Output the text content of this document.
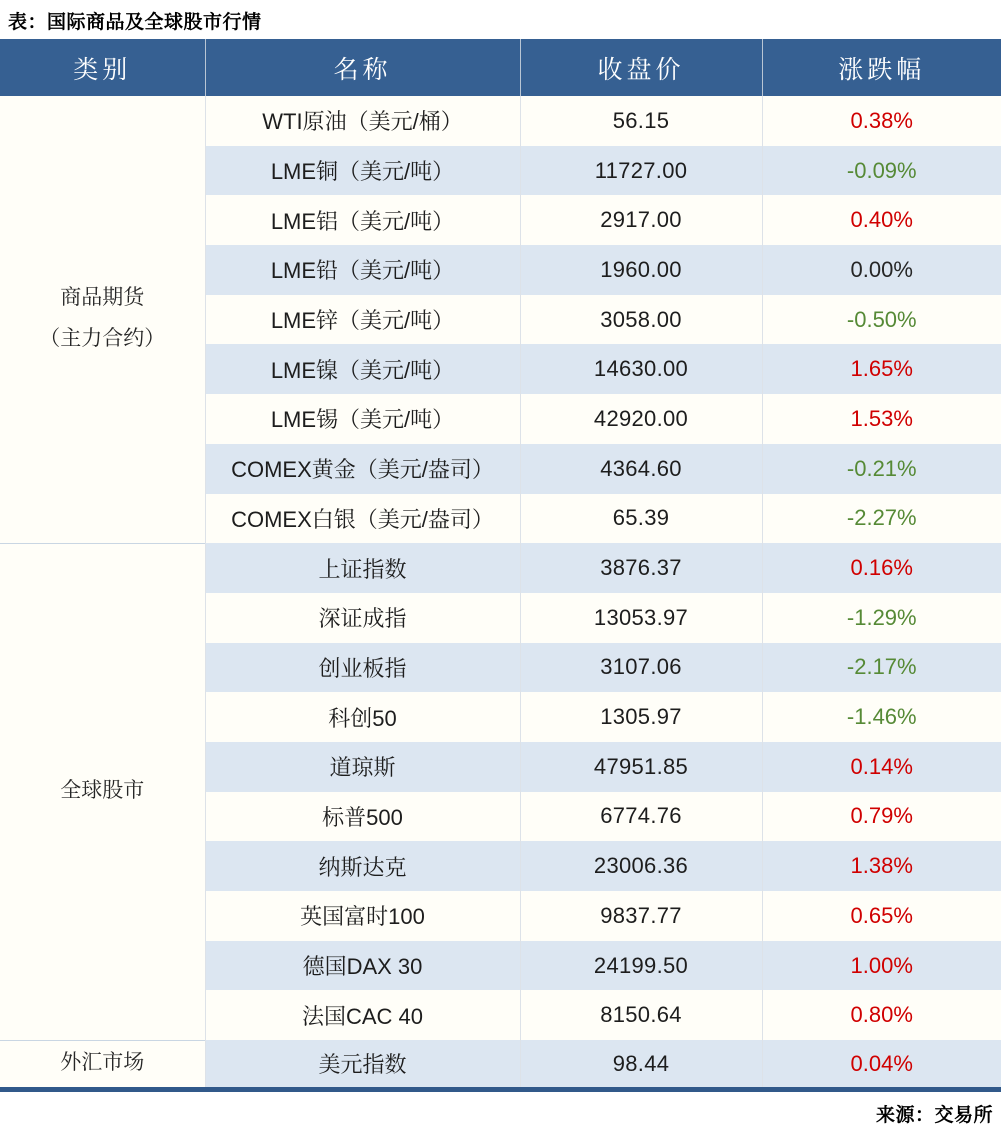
表：国际商品及全球股市行情
类别	名称	收盘价	涨跌幅

商品期货
（主力合约）	WTI原油（美元/桶）	56.15	0.38%
	LME铜（美元/吨）	11727.00	-0.09%
	LME铝（美元/吨）	2917.00	0.40%
	LME铅（美元/吨）	1960.00	0.00%
	LME锌（美元/吨）	3058.00	-0.50%
	LME镍（美元/吨）	14630.00	1.65%
	LME锡（美元/吨）	42920.00	1.53%
	COMEX黄金（美元/盎司）	4364.60	-0.21%
	COMEX白银（美元/盎司）	65.39	-2.27%

全球股市	上证指数	3876.37	0.16%
	深证成指	13053.97	-1.29%
	创业板指	3107.06	-2.17%
	科创50	1305.97	-1.46%
	道琼斯	47951.85	0.14%
	标普500	6774.76	0.79%
	纳斯达克	23006.36	1.38%
	英国富时100	9837.77	0.65%
	德国DAX 30	24199.50	1.00%
	法国CAC 40	8150.64	0.80%

外汇市场	美元指数	98.44	0.04%
来源：交易所
